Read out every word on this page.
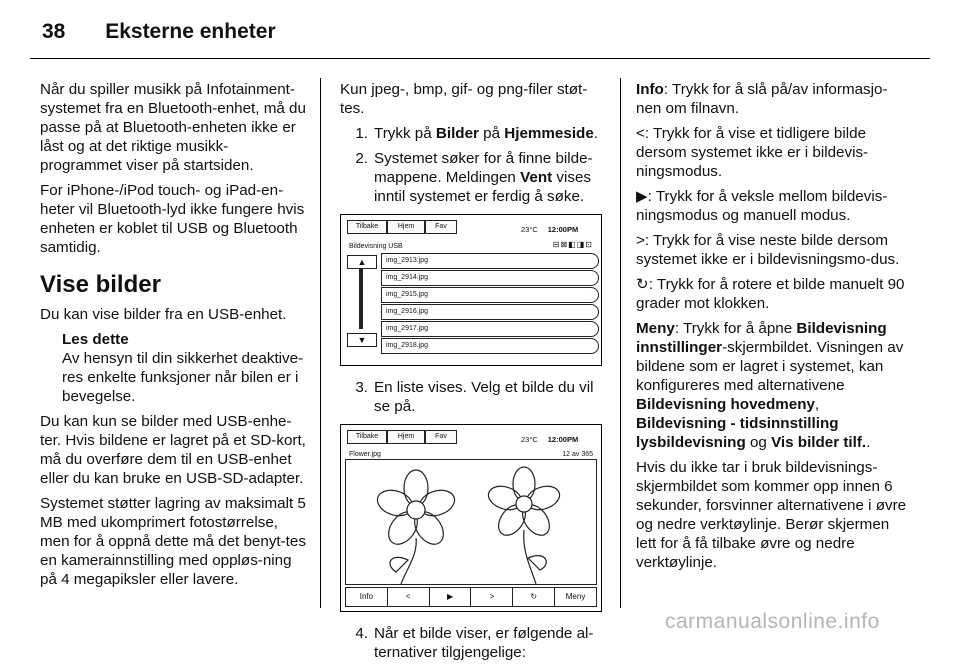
38 Eksterne enheter

Når du spiller musikk på Infotainment-systemet fra en Bluetooth-enhet, må du passe på at Bluetooth-enheten ikke er låst og at det riktige musikk-programmet viser på startsiden.

For iPhone-/iPod touch- og iPad-en-heter vil Bluetooth-lyd ikke fungere hvis enheten er koblet til USB og Bluetooth samtidig.

Vise bilder

Du kan vise bilder fra en USB-enhet.

Les dette
Av hensyn til din sikkerhet deaktive-res enkelte funksjoner når bilen er i bevegelse.

Du kan kun se bilder med USB-enhe-ter. Hvis bildene er lagret på et SD-kort, må du overføre dem til en USB-enhet eller du kan bruke en USB-SD-adapter.

Systemet støtter lagring av maksimalt 5 MB med ukomprimert fotostørrelse, men for å oppnå dette må det benyt-tes en kamerainnstilling med oppløs-ning på 4 megapiksler eller lavere.

Kun jpeg-, bmp, gif- og png-filer støt-tes.

1. Trykk på Bilder på Hjemmeside.
2. Systemet søker for å finne bilde-mappene. Meldingen Vent vises inntil systemet er ferdig å søke.
Tilbake	Hjem	Fav	23°C 12:00PM
Bildevisning USB	⊟⊠◧◨⊡
▲
▼
img_2913.jpg
img_2914.jpg
img_2915.jpg
img_2916.jpg
img_2917.jpg
img_2918.jpg
3. En liste vises. Velg et bilde du vil se på.
Tilbake	Hjem	Fav	23°C 12:00PM
Flower.jpg	12 av 365
Info	<	▶	>	↻	Meny
4. Når et bilde viser, er følgende al-ternativer tilgjengelige:

Info: Trykk for å slå på/av informasjo-nen om filnavn.

<: Trykk for å vise et tidligere bilde dersom systemet ikke er i bildevis-ningsmodus.

▶: Trykk for å veksle mellom bildevis-ningsmodus og manuell modus.

>: Trykk for å vise neste bilde dersom systemet ikke er i bildevisningsmo-dus.

↻: Trykk for å rotere et bilde manuelt 90 grader mot klokken.

Meny: Trykk for å åpne Bildevisning innstillinger-skjermbildet. Visningen av bildene som er lagret i systemet, kan konfigureres med alternativene
Bildevisning hovedmeny,
Bildevisning - tidsinnstilling
lysbildevisning og Vis bilder tilf..

Hvis du ikke tar i bruk bildevisnings-skjermbildet som kommer opp innen 6 sekunder, forsvinner alternativene i øvre og nedre verktøylinje. Berør skjermen lett for å få tilbake øvre og nedre verktøylinje.

carmanualsonline.info
